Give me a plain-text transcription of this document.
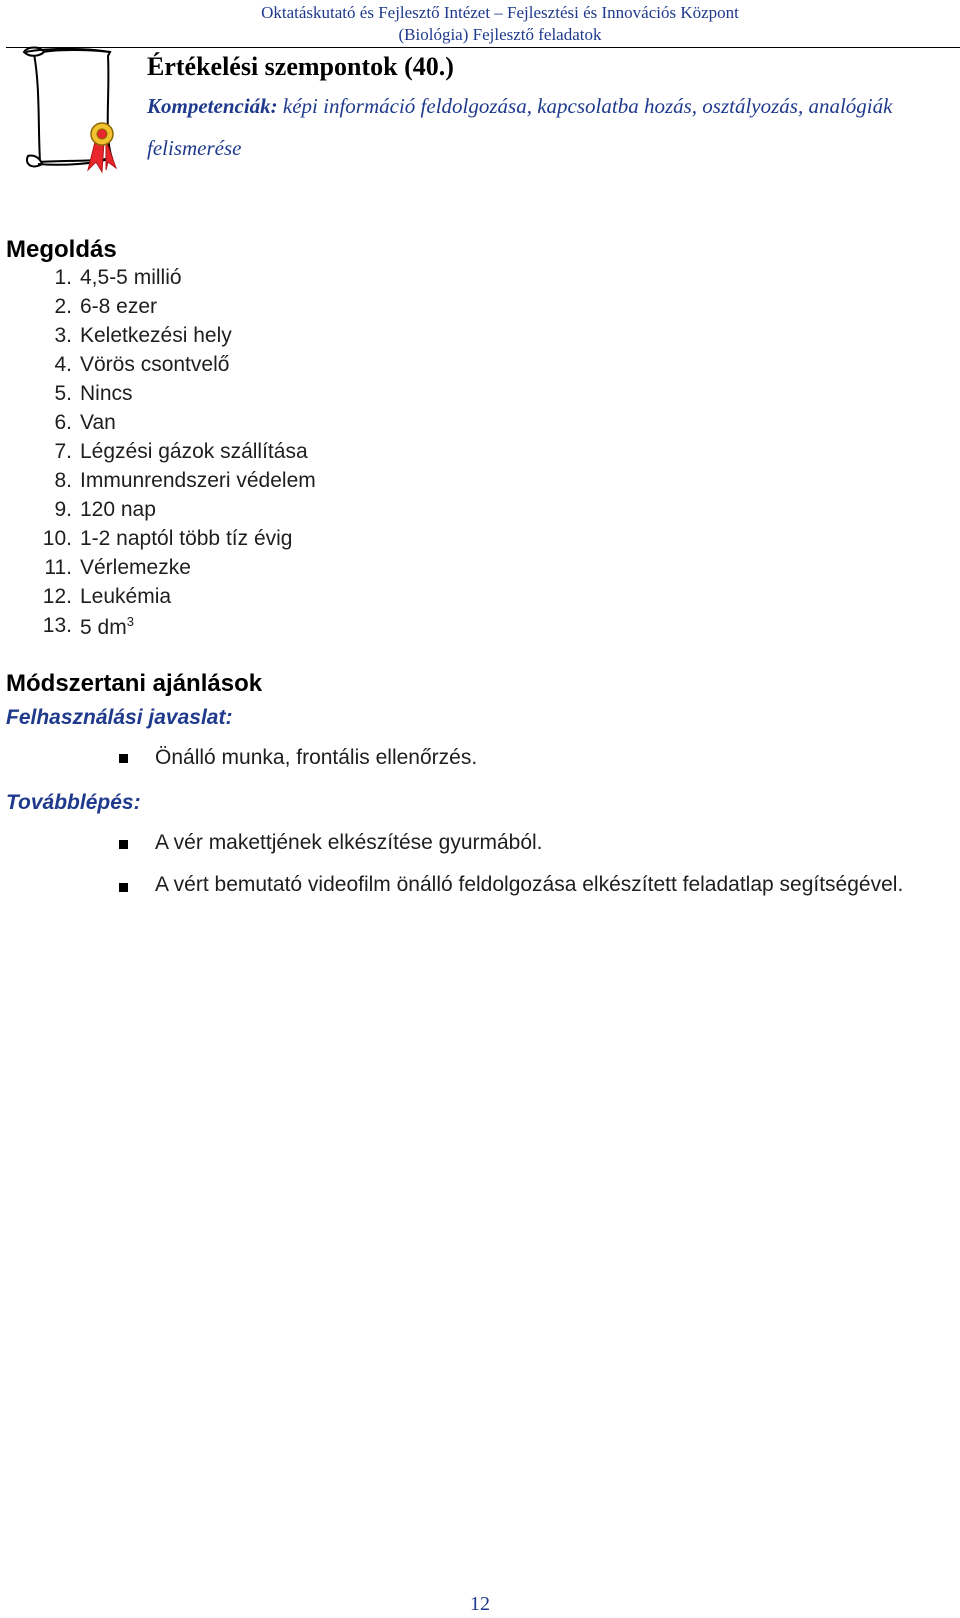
Oktatáskutató és Fejlesztő Intézet – Fejlesztési és Innovációs Központ
(Biológia) Fejlesztő feladatok
Értékelési szempontok (40.)
Kompetenciák: képi információ feldolgozása, kapcsolatba hozás, osztályozás, analógiák felismerése
Megoldás
1. 4,5-5 millió
2. 6-8 ezer
3. Keletkezési hely
4. Vörös csontvelő
5. Nincs
6. Van
7. Légzési gázok szállítása
8. Immunrendszeri védelem
9. 120 nap
10. 1-2 naptól több tíz évig
11. Vérlemezke
12. Leukémia
13. 5 $dm^3$
Módszertani ajánlások
Felhasználási javaslat:
Önálló munka, frontális ellenőrzés.
Továbblépés:
A vér makettjének elkészítése gyurmából.
A vért bemutató videofilm önálló feldolgozása elkészített feladatlap segítségével.
12
